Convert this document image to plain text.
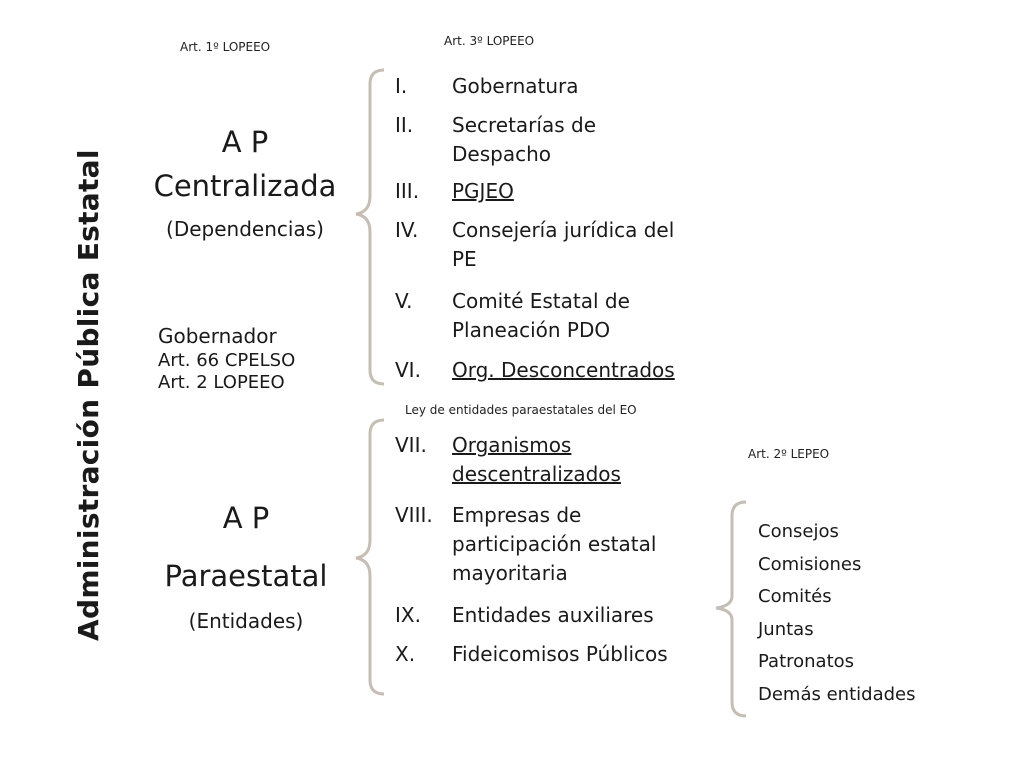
Administración Pública Estatal
Art. 1º LOPEEO	Art. 3º LOPEEO
A P
Centralizada
(Dependencias)
Gobernador
Art. 66 CPELSO
Art. 2 LOPEEO
A P
Paraestatal
(Entidades)
I. Gobernatura
II. Secretarías de
Despacho
III. PGJEO
IV. Consejería jurídica del
PE
V. Comité Estatal de
Planeación PDO
VI. Org. Desconcentrados
Ley de entidades paraestatales del EO
VII. Organismos
descentralizados
VIII. Empresas de
participación estatal
mayoritaria
IX. Entidades auxiliares
X. Fideicomisos Públicos
Art. 2º LEPEO
Consejos
Comisiones
Comités
Juntas
Patronatos
Demás entidades
